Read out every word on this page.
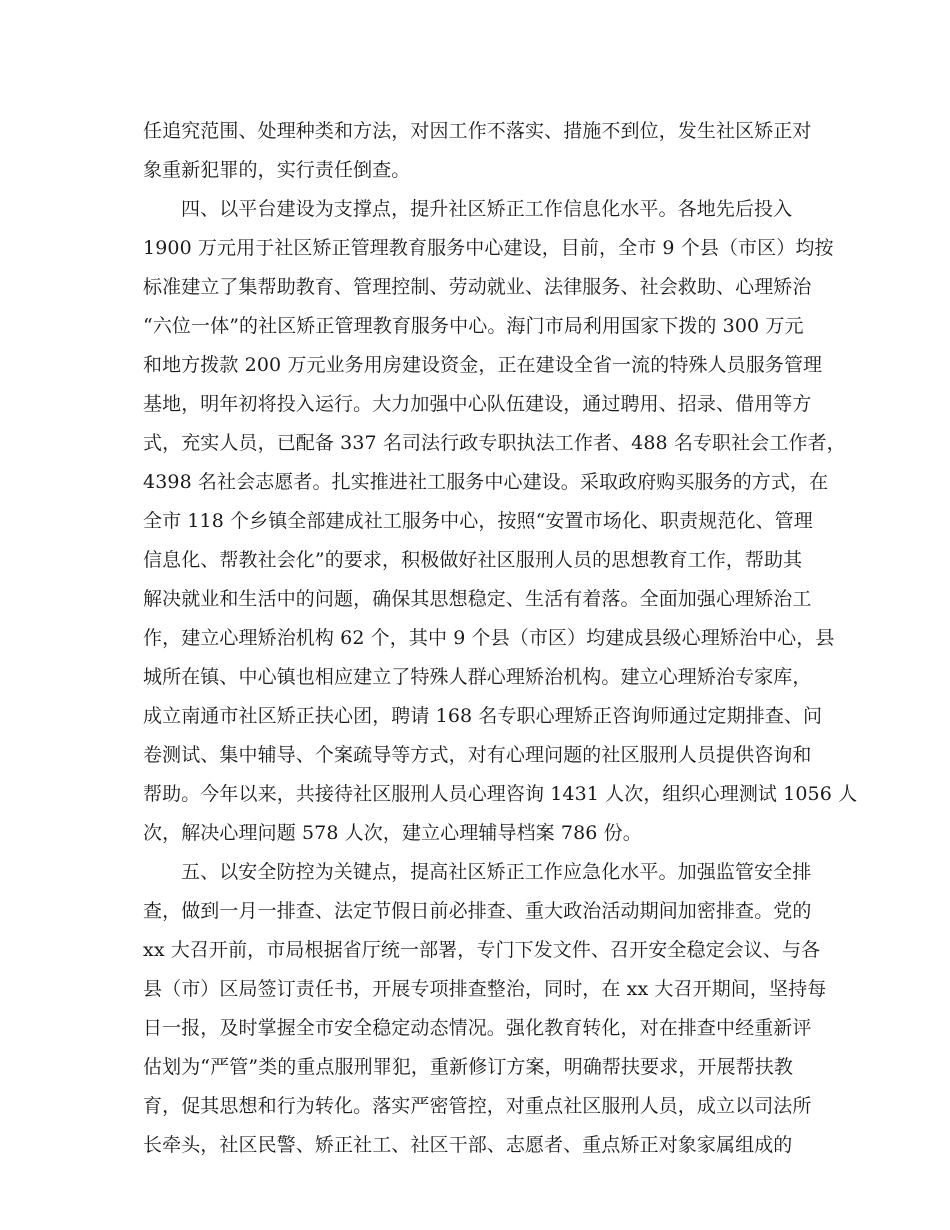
任追究范围、处理种类和方法，对因工作不落实、措施不到位，发生社区矫正对
象重新犯罪的，实行责任倒查。
四、以平台建设为支撑点，提升社区矫正工作信息化水平。各地先后投入
1900 万元用于社区矫正管理教育服务中心建设，目前，全市 9 个县（市区）均按
标准建立了集帮助教育、管理控制、劳动就业、法律服务、社会救助、心理矫治
“六位一体”的社区矫正管理教育服务中心。海门市局利用国家下拨的 300 万元
和地方拨款 200 万元业务用房建设资金，正在建设全省一流的特殊人员服务管理
基地，明年初将投入运行。大力加强中心队伍建设，通过聘用、招录、借用等方
式，充实人员，已配备 337 名司法行政专职执法工作者、488 名专职社会工作者，
4398 名社会志愿者。扎实推进社工服务中心建设。采取政府购买服务的方式，在
全市 118 个乡镇全部建成社工服务中心，按照“安置市场化、职责规范化、管理
信息化、帮教社会化”的要求，积极做好社区服刑人员的思想教育工作，帮助其
解决就业和生活中的问题，确保其思想稳定、生活有着落。全面加强心理矫治工
作，建立心理矫治机构 62 个，其中 9 个县（市区）均建成县级心理矫治中心，县
城所在镇、中心镇也相应建立了特殊人群心理矫治机构。建立心理矫治专家库，
成立南通市社区矫正扶心团，聘请 168 名专职心理矫正咨询师通过定期排查、问
卷测试、集中辅导、个案疏导等方式，对有心理问题的社区服刑人员提供咨询和
帮助。今年以来，共接待社区服刑人员心理咨询 1431 人次，组织心理测试 1056 人
次，解决心理问题 578 人次，建立心理辅导档案 786 份。
五、以安全防控为关键点，提高社区矫正工作应急化水平。加强监管安全排
查，做到一月一排查、法定节假日前必排查、重大政治活动期间加密排查。党的
xx 大召开前，市局根据省厅统一部署，专门下发文件、召开安全稳定会议、与各
县（市）区局签订责任书，开展专项排查整治，同时，在 xx 大召开期间，坚持每
日一报，及时掌握全市安全稳定动态情况。强化教育转化，对在排查中经重新评
估划为“严管”类的重点服刑罪犯，重新修订方案，明确帮扶要求，开展帮扶教
育，促其思想和行为转化。落实严密管控，对重点社区服刑人员，成立以司法所
长牵头，社区民警、矫正社工、社区干部、志愿者、重点矫正对象家属组成的
